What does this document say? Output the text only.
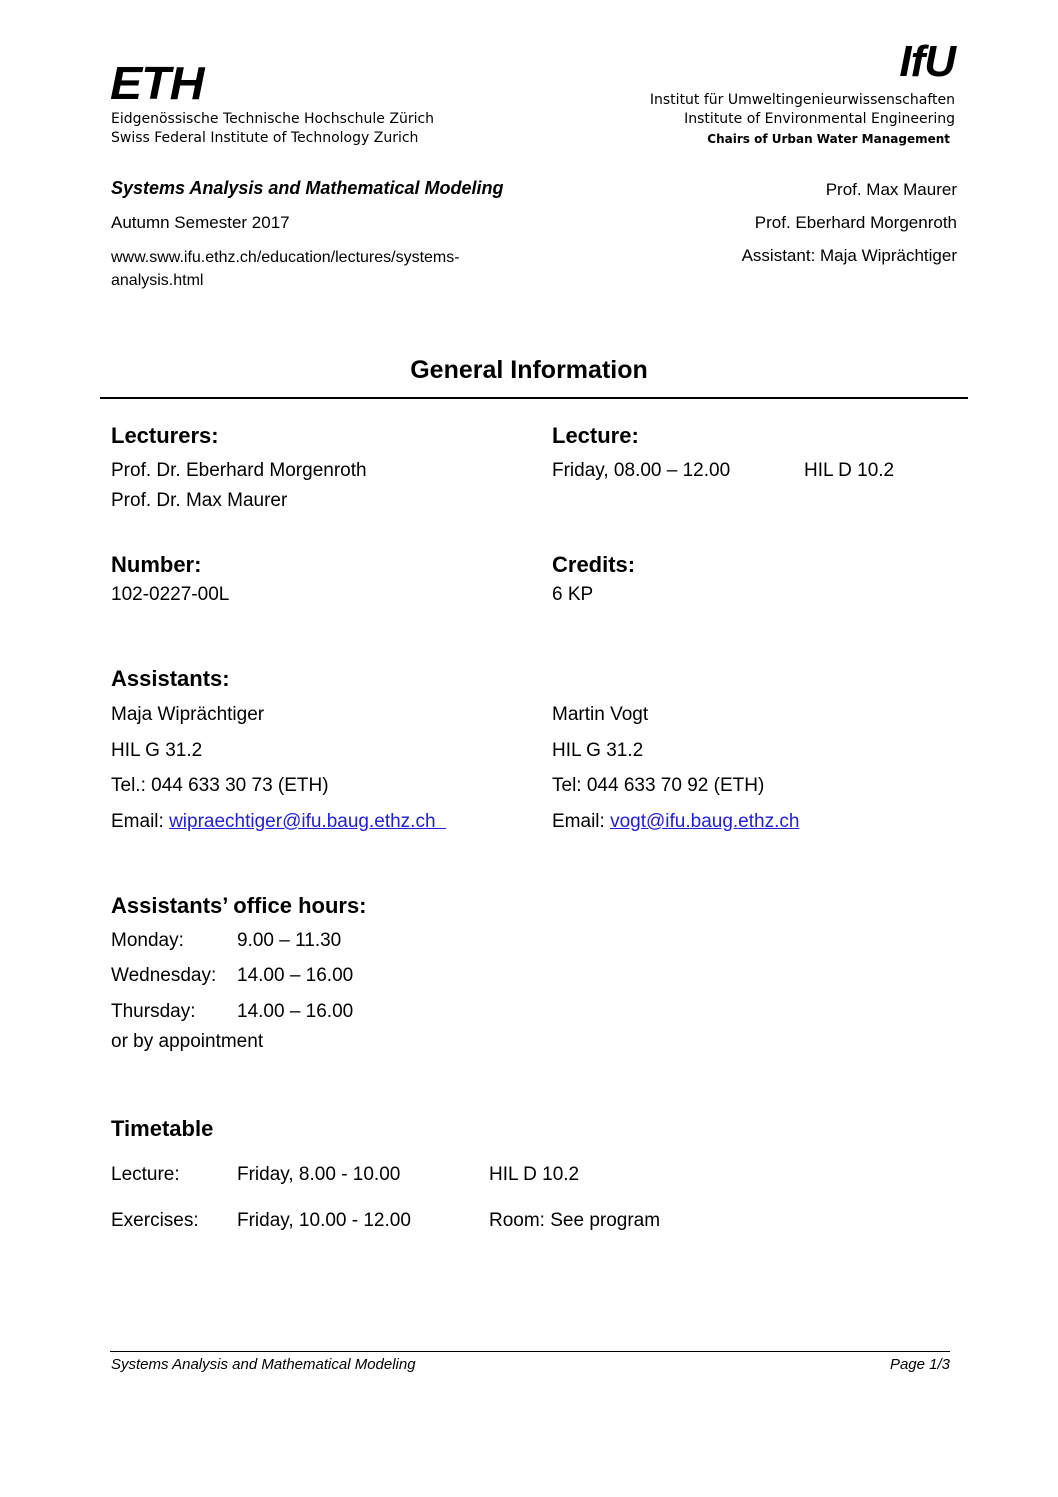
ETH
Eidgenössische Technische Hochschule Zürich
Swiss Federal Institute of Technology Zurich
IfU
Institut für Umweltingenieurwissenschaften
Institute of Environmental Engineering
Chairs of Urban Water Management
Systems Analysis and Mathematical Modeling
Autumn Semester 2017
www.sww.ifu.ethz.ch/education/lectures/systems-
analysis.html
Prof. Max Maurer
Prof. Eberhard Morgenroth
Assistant: Maja Wiprächtiger
General Information
Lecturers:
Prof. Dr. Eberhard Morgenroth
Prof. Dr. Max Maurer
Lecture:
Friday, 08.00 – 12.00	HIL D 10.2
Number:
102-0227-00L
Credits:
6 KP
Assistants:
Maja Wiprächtiger
HIL G 31.2
Tel.: 044 633 30 73 (ETH)
Email: wipraechtiger@ifu.baug.ethz.ch
Martin Vogt
HIL G 31.2
Tel: 044 633 70 92 (ETH)
Email: vogt@ifu.baug.ethz.ch
Assistants’ office hours:
Monday:	9.00 – 11.30
Wednesday: 14.00 – 16.00
Thursday: 14.00 – 16.00
or by appointment
Timetable
Lecture:	Friday, 8.00 - 10.00	HIL D 10.2
Exercises: Friday, 10.00 - 12.00	Room: See program
Systems Analysis and Mathematical Modeling	Page 1/3
